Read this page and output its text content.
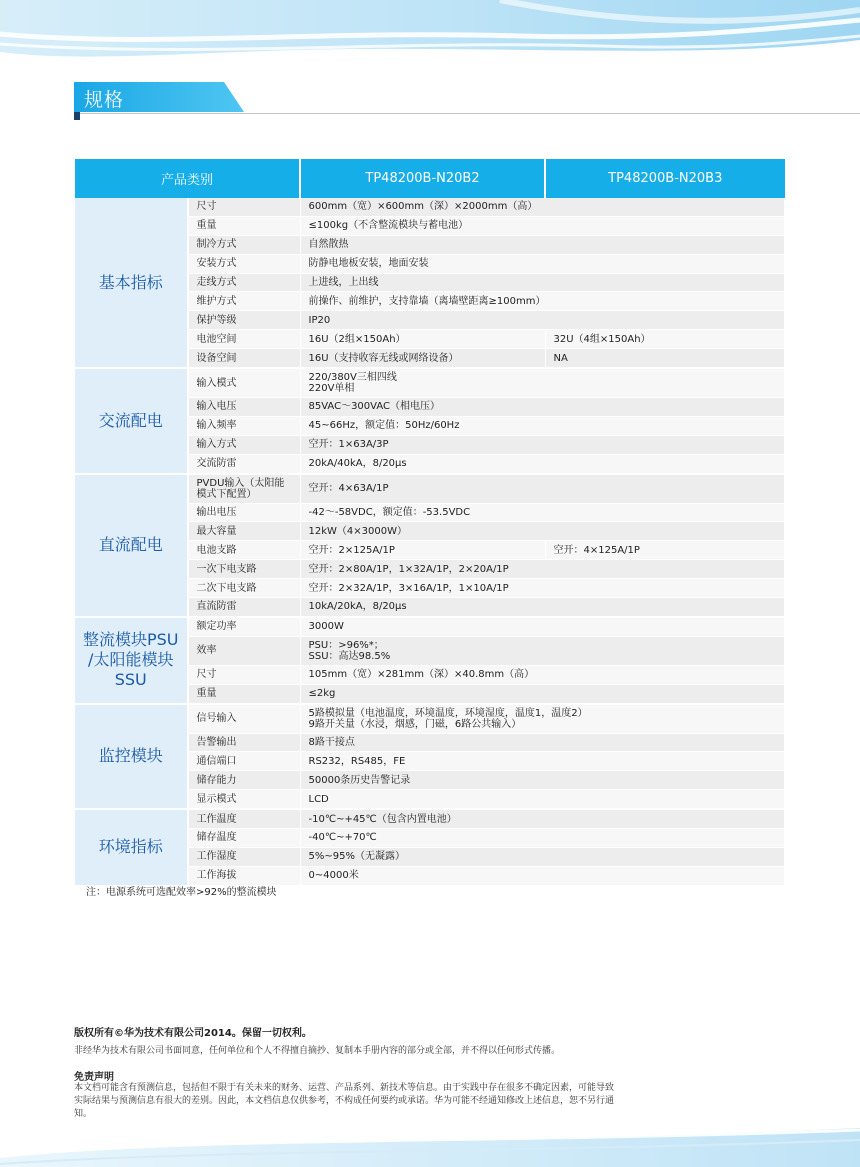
规格
产品类别		TP48200B-N20B2	TP48200B-N20B3
基本指标	尺寸	600mm（宽）×600mm（深）×2000mm（高）	
	重量	≤100kg（不含整流模块与蓄电池）	
	制冷方式	自然散热	
	安装方式	防静电地板安装，地面安装	
	走线方式	上进线，上出线	
	维护方式	前操作、前维护，支持靠墙（离墙壁距离≥100mm）	
	保护等级	IP20	
	电池空间	16U（2组×150Ah）	32U（4组×150Ah）
	设备空间	16U（支持收容无线或网络设备）	NA
交流配电	输入模式	220/380V三相四线
220V单相	
	输入电压	85VAC～300VAC（相电压）	
	输入频率	45~66Hz，额定值：50Hz/60Hz	
	输入方式	空开：1×63A/3P	
	交流防雷	20kA/40kA，8/20μs	
直流配电	PVDU输入（太阳能模式下配置）	空开：4×63A/1P	
	输出电压	-42～-58VDC，额定值：-53.5VDC	
	最大容量	12kW（4×3000W）	
	电池支路	空开：2×125A/1P	空开：4×125A/1P
	一次下电支路	空开：2×80A/1P，1×32A/1P，2×20A/1P	
	二次下电支路	空开：2×32A/1P，3×16A/1P，1×10A/1P	
	直流防雷	10kA/20kA，8/20μs	
整流模块PSU
/太阳能模块SSU	额定功率	3000W	
	效率	PSU：>96%*；
SSU：高达98.5%	
	尺寸	105mm（宽）×281mm（深）×40.8mm（高）	
	重量	≤2kg	
监控模块	信号输入	5路模拟量（电池温度，环境温度，环境湿度，温度1，温度2）
9路开关量（水浸，烟感，门磁，6路公共输入）	
	告警输出	8路干接点	
	通信端口	RS232，RS485，FE	
	储存能力	50000条历史告警记录	
	显示模式	LCD	
环境指标	工作温度	-10℃~+45℃（包含内置电池）	
	储存温度	-40℃~+70℃	
	工作湿度	5%~95%（无凝露）	
	工作海拔	0~4000米	
注：电源系统可选配效率>92%的整流模块
版权所有©华为技术有限公司2014。保留一切权利。
非经华为技术有限公司书面同意，任何单位和个人不得擅自摘抄、复制本手册内容的部分或全部，并不得以任何形式传播。
免责声明
本文档可能含有预测信息，包括但不限于有关未来的财务、运营、产品系列、新技术等信息。由于实践中存在很多不确定因素，可能导致实际结果与预测信息有很大的差别。因此，本文档信息仅供参考，不构成任何要约或承诺。华为可能不经通知修改上述信息，恕不另行通知。
